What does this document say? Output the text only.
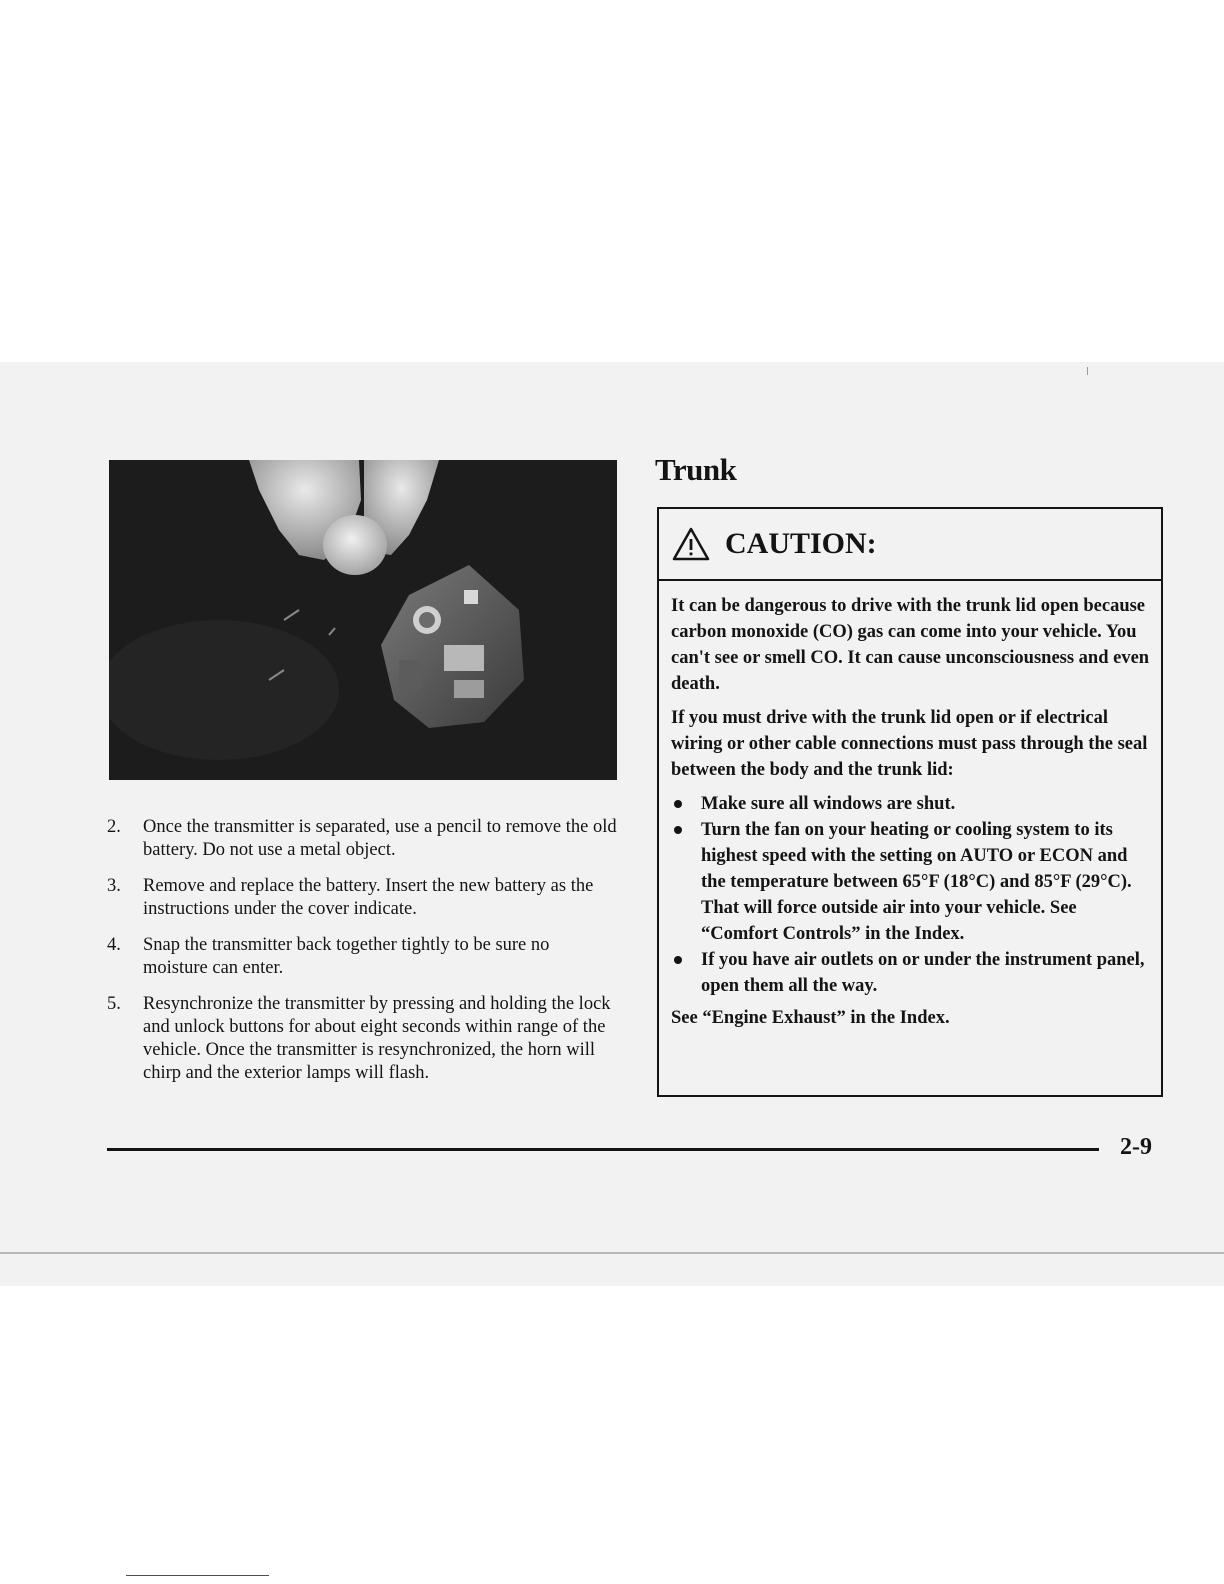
2. Once the transmitter is separated, use a pencil to remove the old battery. Do not use a metal object.
3. Remove and replace the battery. Insert the new battery as the instructions under the cover indicate.
4. Snap the transmitter back together tightly to be sure no moisture can enter.
5. Resynchronize the transmitter by pressing and holding the lock and unlock buttons for about eight seconds within range of the vehicle. Once the transmitter is resynchronized, the horn will chirp and the exterior lamps will flash.
Trunk
CAUTION:

It can be dangerous to drive with the trunk lid open because carbon monoxide (CO) gas can come into your vehicle. You can't see or smell CO. It can cause unconsciousness and even death.

If you must drive with the trunk lid open or if electrical wiring or other cable connections must pass through the seal between the body and the trunk lid:

Make sure all windows are shut.
Turn the fan on your heating or cooling system to its highest speed with the setting on AUTO or ECON and the temperature between 65°F (18°C) and 85°F (29°C). That will force outside air into your vehicle. See “Comfort Controls” in the Index.
If you have air outlets on or under the instrument panel, open them all the way.

See “Engine Exhaust” in the Index.

2-9
